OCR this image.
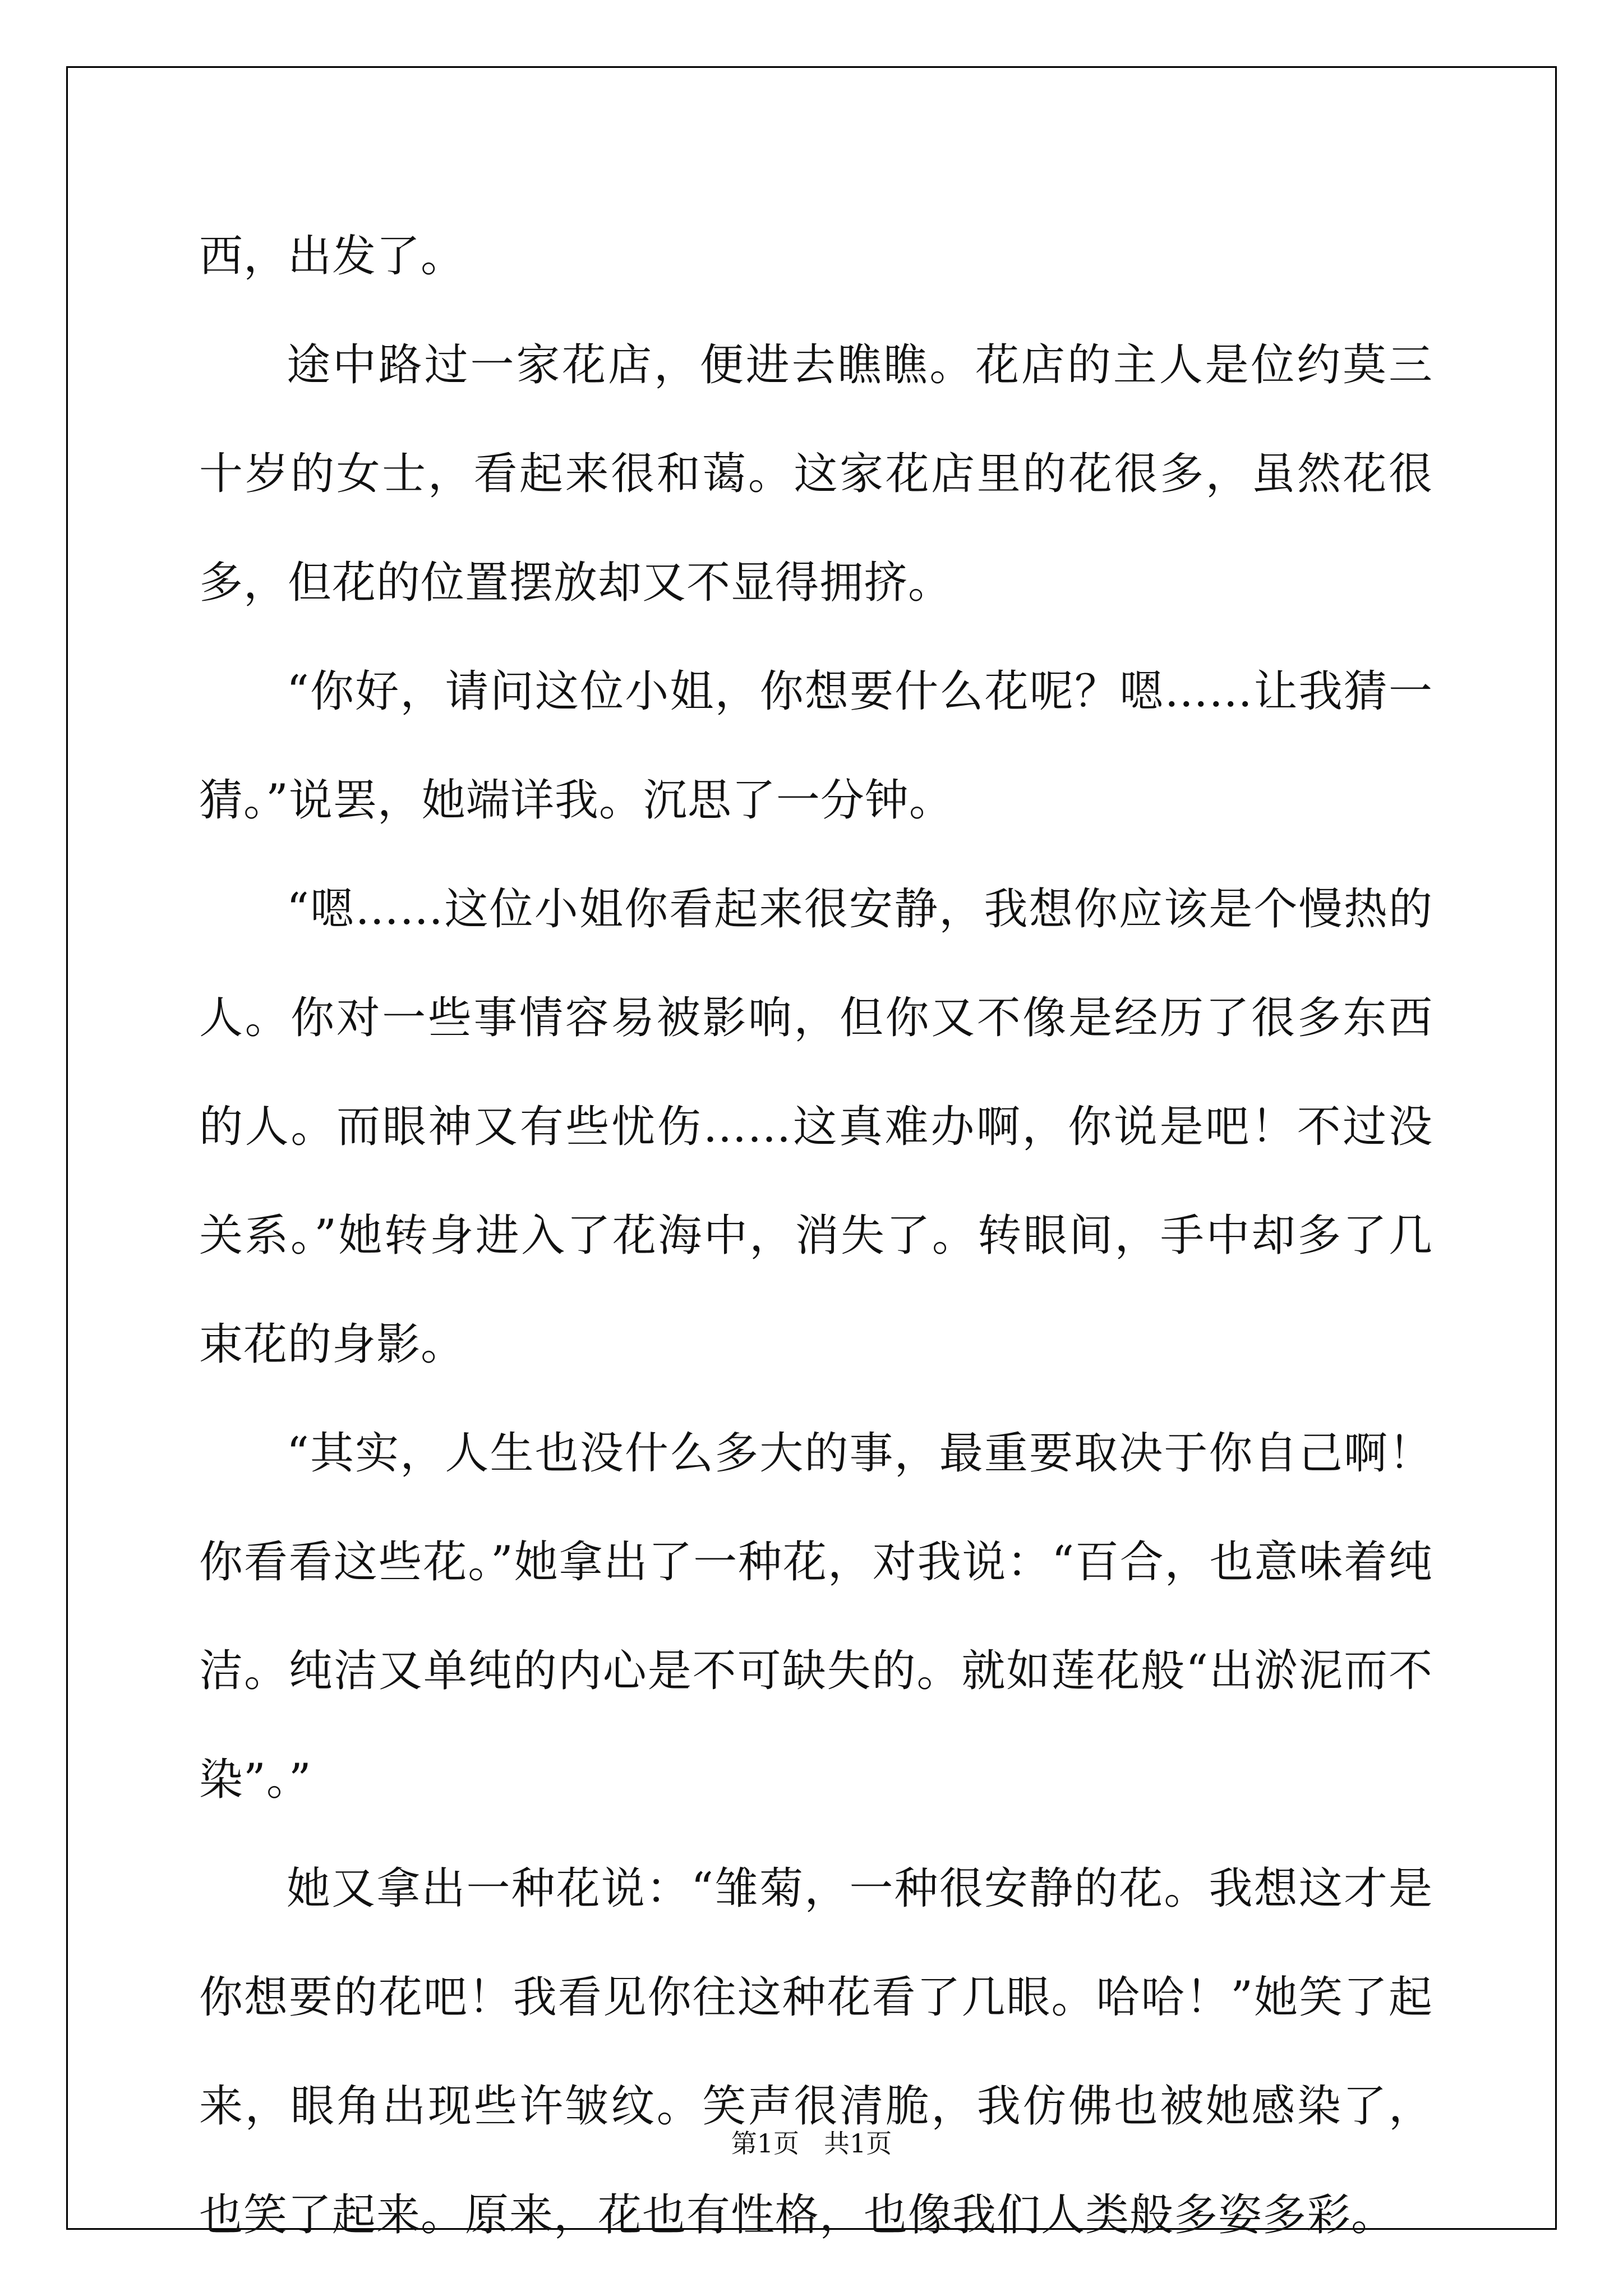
西，出发了。

途中路过一家花店，便进去瞧瞧。花店的主人是位约莫三十岁的女士，看起来很和蔼。这家花店里的花很多，虽然花很多，但花的位置摆放却又不显得拥挤。

“你好，请问这位小姐，你想要什么花呢？嗯……让我猜一猜。”说罢，她端详我。沉思了一分钟。

“嗯……这位小姐你看起来很安静，我想你应该是个慢热的人。你对一些事情容易被影响，但你又不像是经历了很多东西的人。而眼神又有些忧伤……这真难办啊，你说是吧！不过没关系。”她转身进入了花海中，消失了。转眼间，手中却多了几束花的身影。

“其实，人生也没什么多大的事，最重要取决于你自己啊！你看看这些花。”她拿出了一种花，对我说：“百合，也意味着纯洁。纯洁又单纯的内心是不可缺失的。就如莲花般“出淤泥而不染”。”

她又拿出一种花说：“雏菊，一种很安静的花。我想这才是你想要的花吧！我看见你往这种花看了几眼。哈哈！”她笑了起来，眼角出现些许皱纹。笑声很清脆，我仿佛也被她感染了，也笑了起来。原来，花也有性格，也像我们人类般多姿多彩。

第1页 共1页
